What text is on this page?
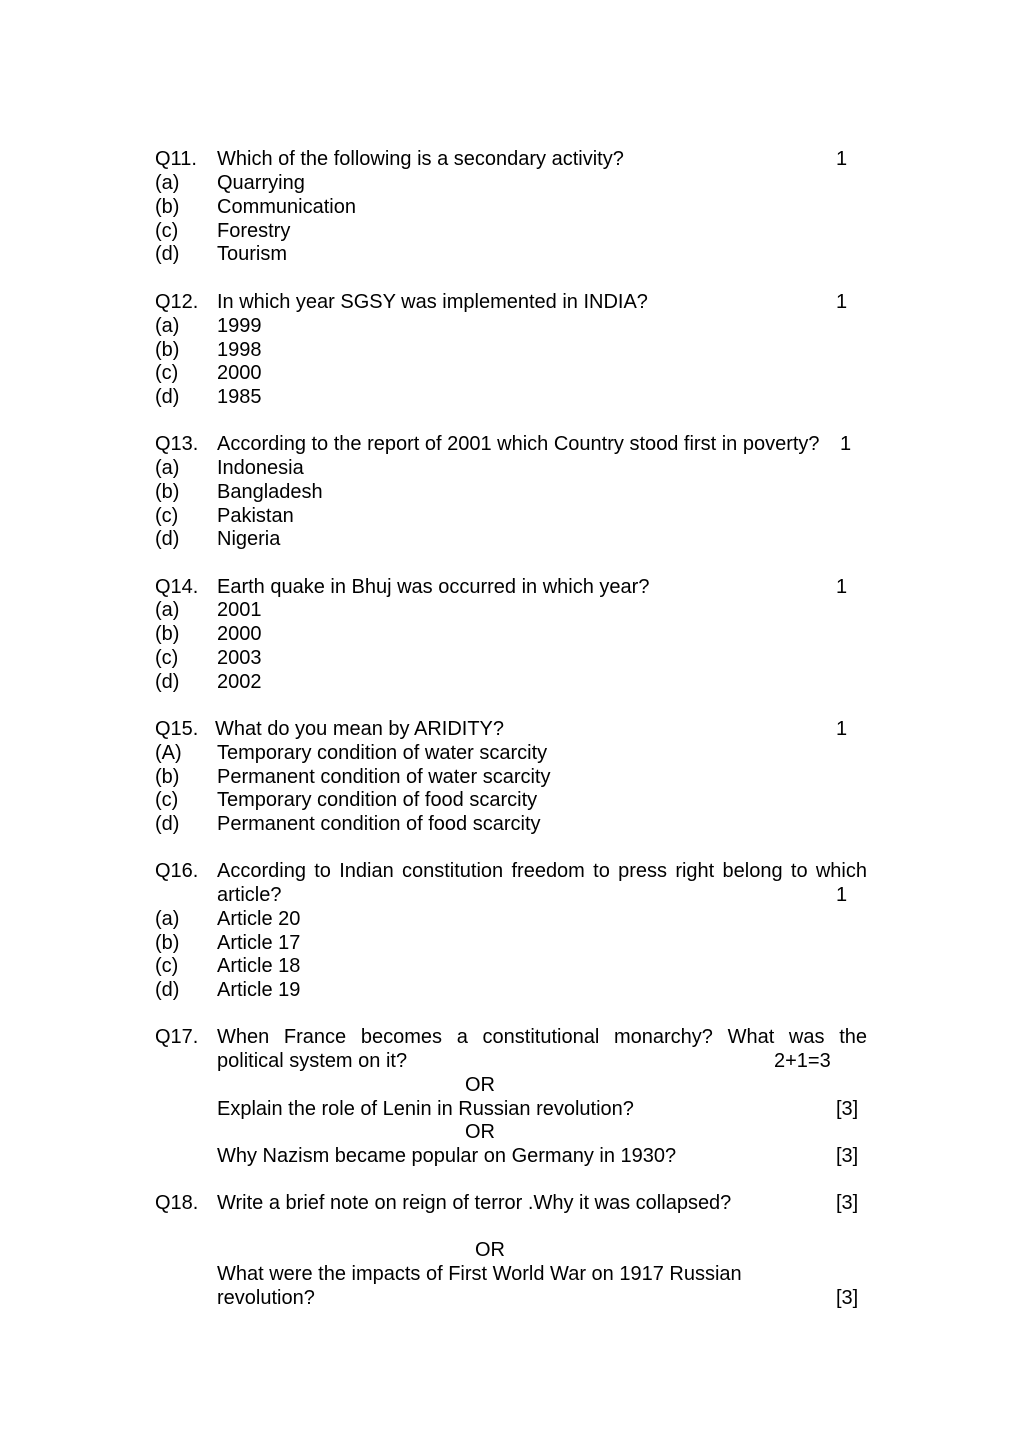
Q11. Which of the following is a secondary activity?	1
(a) Quarrying
(b) Communication
(c) Forestry
(d) Tourism
Q12. In which year SGSY was implemented in INDIA?	1
(a) 1999
(b) 1998
(c) 2000
(d) 1985
Q13. According to the report of 2001 which Country stood first in poverty? 1
(a) Indonesia
(b) Bangladesh
(c) Pakistan
(d) Nigeria
Q14. Earth quake in Bhuj was occurred in which year?	1
(a) 2001
(b) 2000
(c) 2003
(d) 2002
Q15. What do you mean by ARIDITY?	1
(A) Temporary condition of water scarcity
(b) Permanent condition of water scarcity
(c) Temporary condition of food scarcity
(d) Permanent condition of food scarcity
Q16. According to Indian constitution freedom to press right belong to which
article?	1
(a) Article 20
(b) Article 17
(c) Article 18
(d) Article 19
Q17. When France becomes a constitutional monarchy? What was the
political system on it?	2+1=3
OR
Explain the role of Lenin in Russian revolution?	[3]
OR
Why Nazism became popular on Germany in 1930?	[3]
Q18. Write a brief note on reign of terror .Why it was collapsed?	[3]
OR
What were the impacts of First World War on 1917 Russian
revolution?	[3]
